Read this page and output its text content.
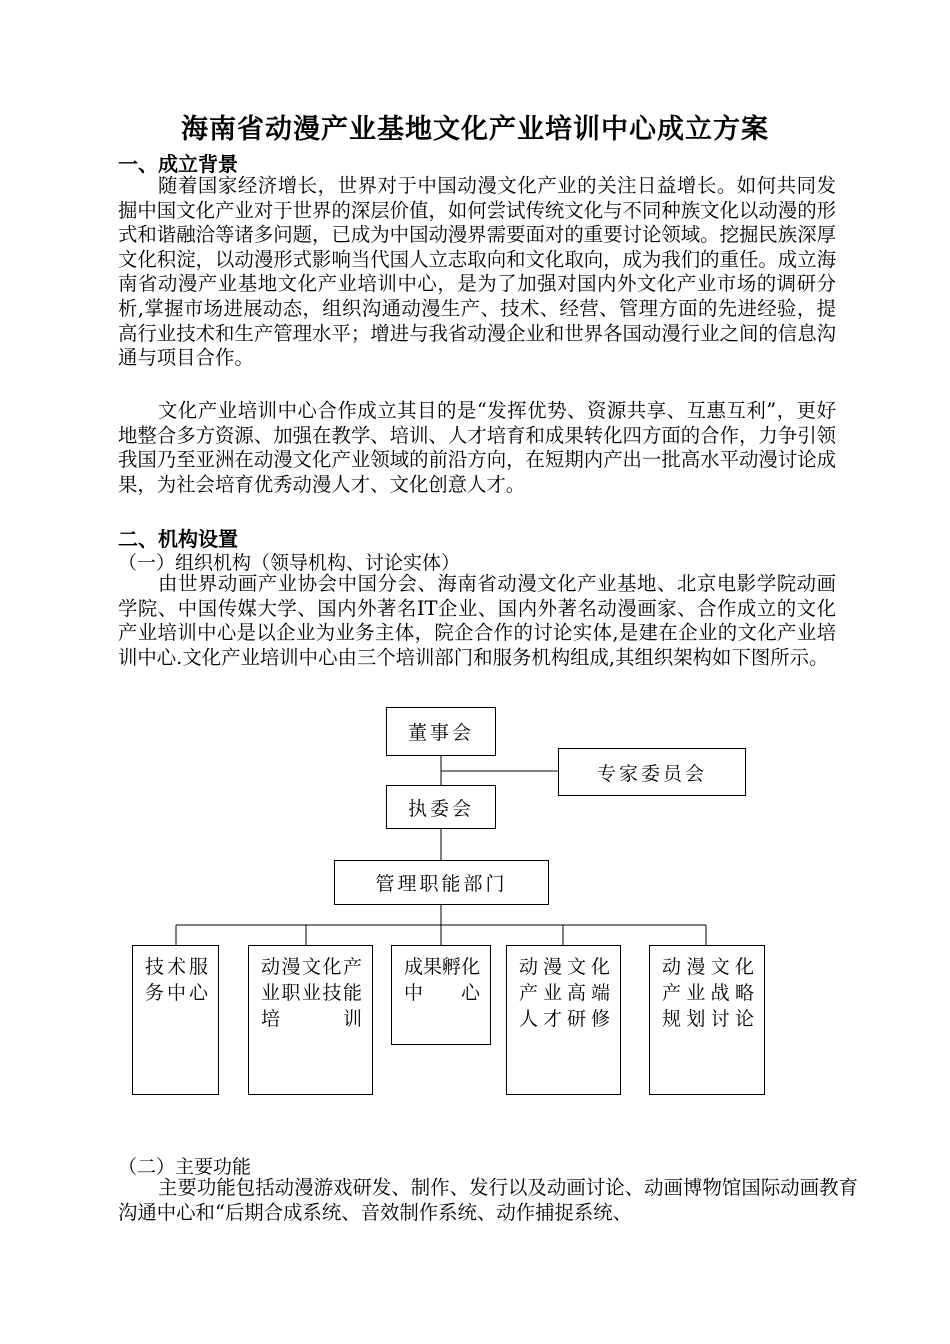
海南省动漫产业基地文化产业培训中心成立方案
一、成立背景
随着国家经济增长，世界对于中国动漫文化产业的关注日益增长。如何共同发掘中国文化产业对于世界的深层价值，如何尝试传统文化与不同种族文化以动漫的形式和谐融洽等诸多问题，已成为中国动漫界需要面对的重要讨论领域。挖掘民族深厚文化积淀，以动漫形式影响当代国人立志取向和文化取向，成为我们的重任。成立海南省动漫产业基地文化产业培训中心，是为了加强对国内外文化产业市场的调研分析,掌握市场进展动态，组织沟通动漫生产、技术、经营、管理方面的先进经验，提高行业技术和生产管理水平；增进与我省动漫企业和世界各国动漫行业之间的信息沟通与项目合作。
文化产业培训中心合作成立其目的是“发挥优势、资源共享、互惠互利”，更好地整合多方资源、加强在教学、培训、人才培育和成果转化四方面的合作，力争引领我国乃至亚洲在动漫文化产业领域的前沿方向，在短期内产出一批高水平动漫讨论成果，为社会培育优秀动漫人才、文化创意人才。
二、机构设置
（一）组织机构（领导机构、讨论实体）
由世界动画产业协会中国分会、海南省动漫文化产业基地、北京电影学院动画学院、中国传媒大学、国内外著名IT企业、国内外著名动漫画家、合作成立的文化产业培训中心是以企业为业务主体，院企合作的讨论实体,是建在企业的文化产业培训中心.文化产业培训中心由三个培训部门和服务机构组成,其组织架构如下图所示。
董事会
专家委员会
执委会
管理职能部门
技术服务中心
动漫文化产业职业技能培训
成果孵化中心
动漫文化产业高端人才研修
动漫文化产业战略规划讨论
（二）主要功能
主要功能包括动漫游戏研发、制作、发行以及动画讨论、动画博物馆国际动画教育沟通中心和“后期合成系统、音效制作系统、动作捕捉系统、
